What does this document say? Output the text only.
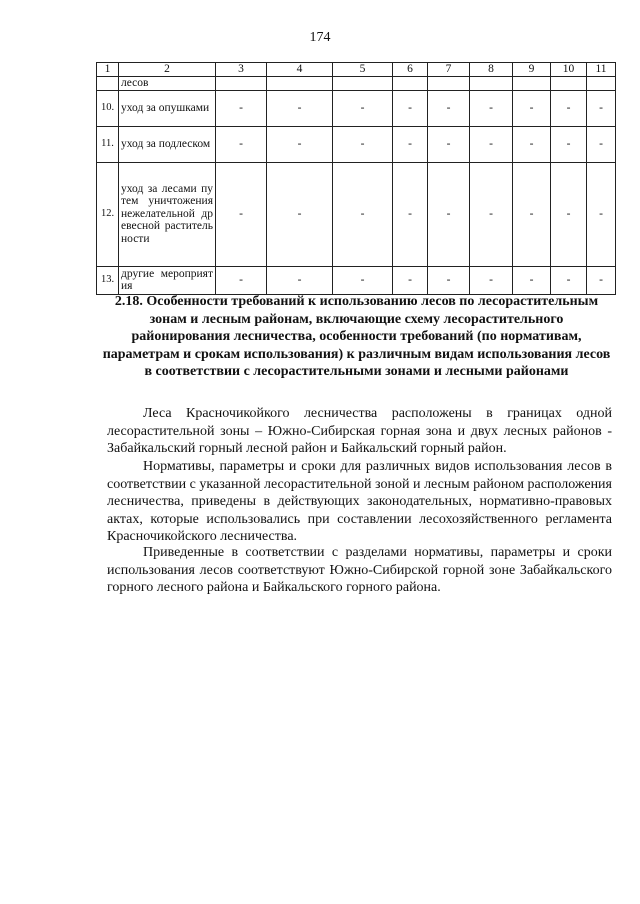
174
1	2	3	4	5	6	7	8	9	10	11
	лесов									
10.	уход за опушками	-	-	-	-	-	-	-	-	-
11.	уход за подлеском	-	-	-	-	-	-	-	-	-
12.	уход за лесами путем уничтожения нежелательной древесной растительности	-	-	-	-	-	-	-	-	-
13.	другие мероприятия	-	-	-	-	-	-	-	-	-
2.18. Особенности требований к использованию лесов по лесорастительным зонам и лесным районам, включающие схему лесорастительного районирования лесничества, особенности требований (по нормативам, параметрам и срокам использования) к различным видам использования лесов в соответствии с лесорастительными зонами и лесными районами

Леса Красночикойкого лесничества расположены в границах одной лесорастительной зоны – Южно-Сибирская горная зона и двух лесных районов - Забайкальский горный лесной район и Байкальский горный район.

Нормативы, параметры и сроки для различных видов использования лесов в соответствии с указанной лесорастительной зоной и лесным районом расположения лесничества, приведены в действующих законодательных, нормативно-правовых актах, которые использовались при составлении лесохозяйственного регламента Красночикойского лесничества.

Приведенные в соответствии с разделами нормативы, параметры и сроки использования лесов соответствуют Южно-Сибирской горной зоне Забайкальского горного лесного района и Байкальского горного района.
